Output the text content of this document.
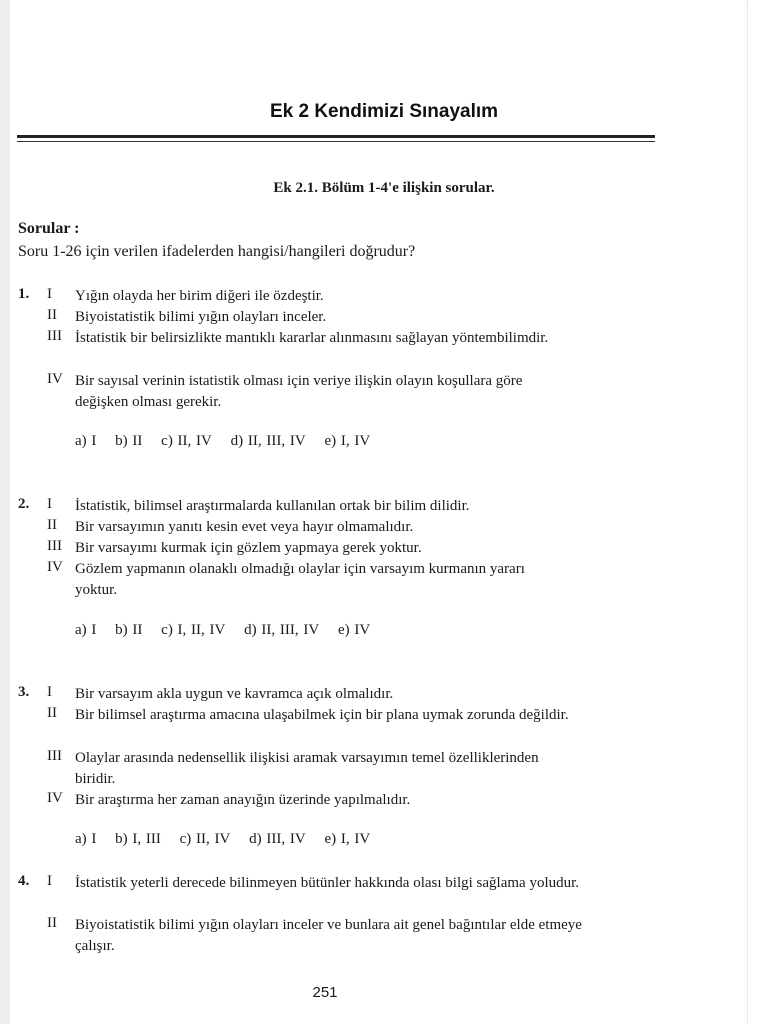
Ek 2 Kendimizi Sınayalım
Ek 2.1. Bölüm 1-4'e ilişkin sorular.
Sorular :
Soru 1-26 için verilen ifadelerden hangisi/hangileri doğrudur?
1. I Yığın olayda her birim diğeri ile özdeştir.
II Biyoistatistik bilimi yığın olayları inceler.
III İstatistik bir belirsizlikte mantıklı kararlar alınmasını sağlayan yöntembilimdir.
IV Bir sayısal verinin istatistik olması için veriye ilişkin olayın koşullara göre değişken olması gerekir.
a) I b) II c) II, IV d) II, III, IV e) I, IV
2. I İstatistik, bilimsel araştırmalarda kullanılan ortak bir bilim dilidir.
II Bir varsayımın yanıtı kesin evet veya hayır olmamalıdır.
III Bir varsayımı kurmak için gözlem yapmaya gerek yoktur.
IV Gözlem yapmanın olanaklı olmadığı olaylar için varsayım kurmanın yararı yoktur.
a) I b) II c) I, II, IV d) II, III, IV e) IV
3. I Bir varsayım akla uygun ve kavramca açık olmalıdır.
II Bir bilimsel araştırma amacına ulaşabilmek için bir plana uymak zorunda değildir.
III Olaylar arasında nedensellik ilişkisi aramak varsayımın temel özelliklerinden biridir.
IV Bir araştırma her zaman anayığın üzerinde yapılmalıdır.
a) I b) I, III c) II, IV d) III, IV e) I, IV
4. I İstatistik yeterli derecede bilinmeyen bütünler hakkında olası bilgi sağlama yoludur.
II Biyoistatistik bilimi yığın olayları inceler ve bunlara ait genel bağıntılar elde etmeye çalışır.
251
